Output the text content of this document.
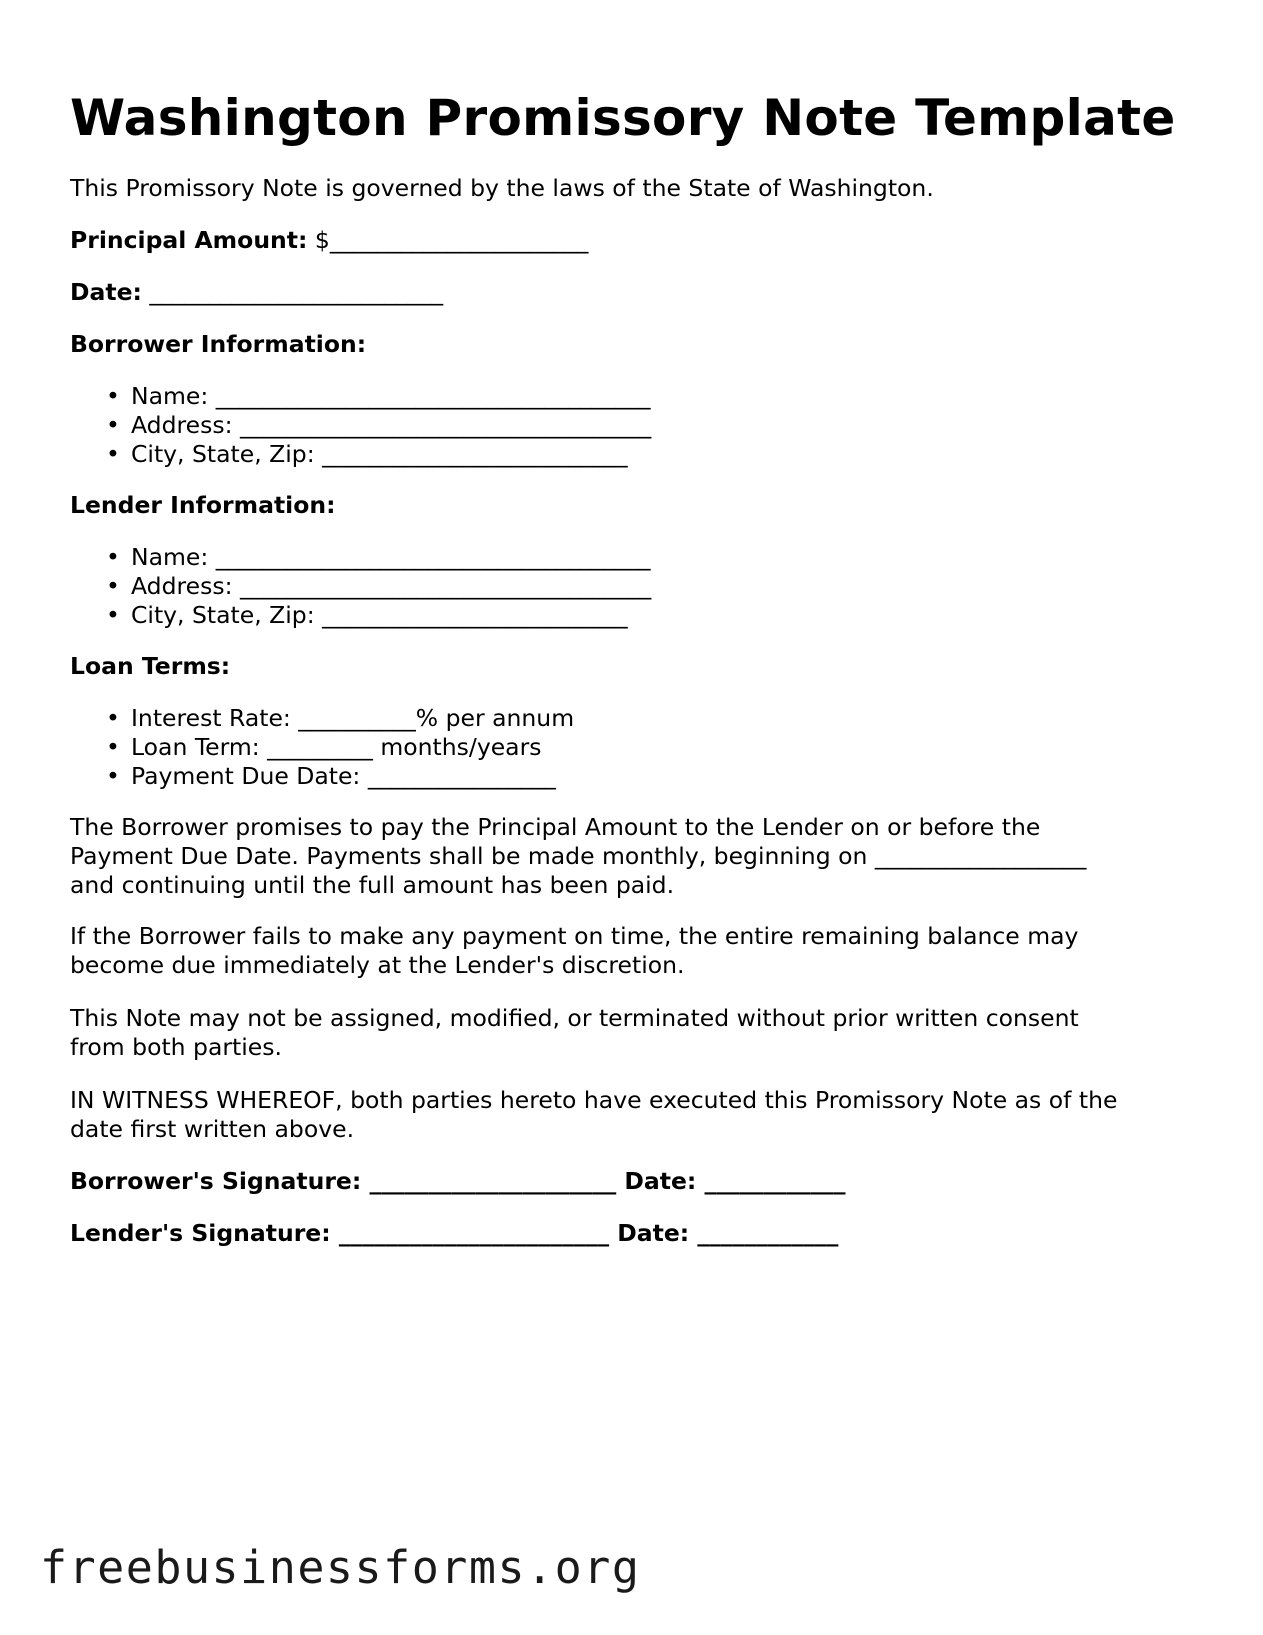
Washington Promissory Note Template

This Promissory Note is governed by the laws of the State of Washington.

Principal Amount: $______________________

Date: _________________________

Borrower Information:

• Name: _____________________________________
• Address: ___________________________________
• City, State, Zip: __________________________

Lender Information:

• Name: _____________________________________
• Address: ___________________________________
• City, State, Zip: __________________________

Loan Terms:

• Interest Rate: __________% per annum
• Loan Term: _________ months/years
• Payment Due Date: ________________

The Borrower promises to pay the Principal Amount to the Lender on or before the

Payment Due Date. Payments shall be made monthly, beginning on __________________

and continuing until the full amount has been paid.

If the Borrower fails to make any payment on time, the entire remaining balance may

become due immediately at the Lender's discretion.

This Note may not be assigned, modified, or terminated without prior written consent

from both parties.

IN WITNESS WHEREOF, both parties hereto have executed this Promissory Note as of the

date first written above.

Borrower's Signature: _____________________ Date: ____________

Lender's Signature: _______________________ Date: ____________

freebusinessforms.org
